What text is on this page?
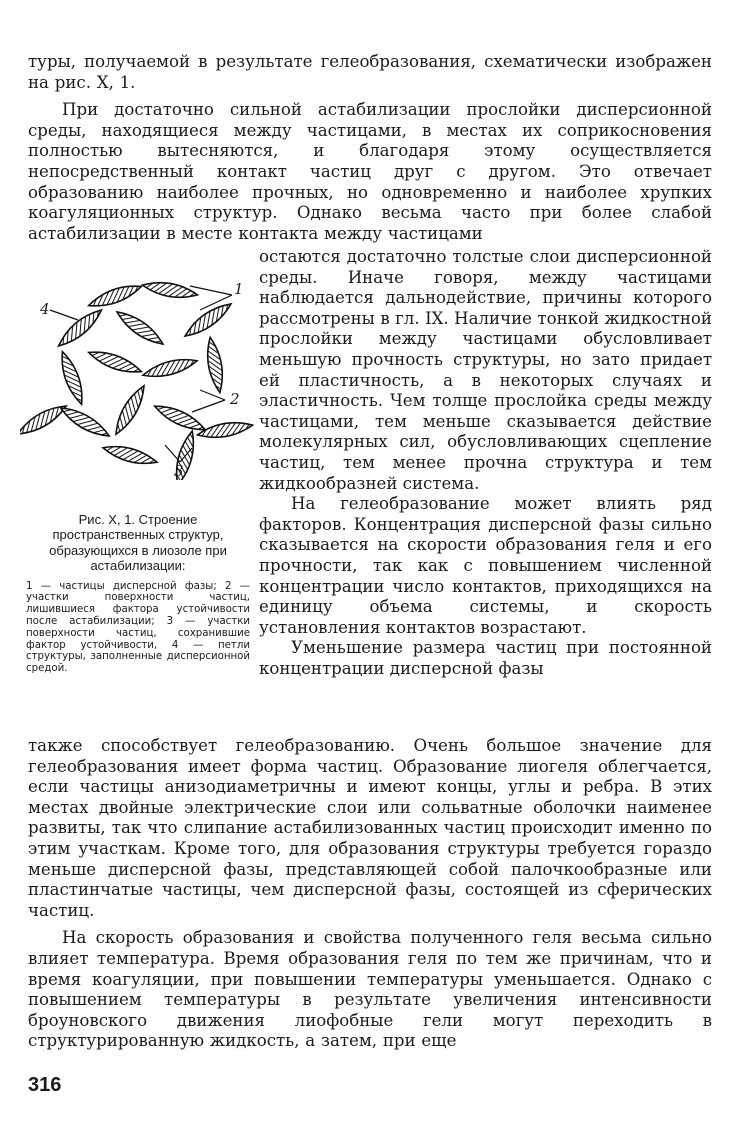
туры, получаемой в результате гелеобразования, схематически изображен на рис. X, 1.

При достаточно сильной астабилизации прослойки дисперсионной среды, находящиеся между частицами, в местах их соприкосновения полностью вытесняются, и благодаря этому осуществляется непосредственный контакт частиц друг с другом. Это отвечает образованию наиболее прочных, но одновременно и наиболее хрупких коагуляционных структур. Однако весьма часто при более слабой астабилизации в месте контакта между частицами

4
1
2
3
Рис. X, 1. Строение пространственных структур, образующихся в лиозоле при астабилизации:
1 — частицы дисперсной фазы; 2 — участки поверхности частиц, лишившиеся фактора устойчивости после астабилизации; 3 — участки поверхности частиц, сохранившие фактор устойчивости, 4 — петли структуры, заполненные дисперсионной средой.

остаются достаточно толстые слои дисперсионной среды. Иначе говоря, между частицами наблюдается дальнодействие, причины которого рассмотрены в гл. IX. Наличие тонкой жидкостной прослойки между частицами обусловливает меньшую прочность структуры, но зато придает ей пластичность, а в некоторых случаях и эластичность. Чем толще прослойка среды между частицами, тем меньше сказывается действие молекулярных сил, обусловливающих сцепление частиц, тем менее прочна структура и тем жидкообразней система.

На гелеобразование может влиять ряд факторов. Концентрация дисперсной фазы сильно сказывается на скорости образования геля и его прочности, так как с повышением численной концентрации число контактов, приходящихся на единицу объема системы, и скорость установления контактов возрастают.

Уменьшение размера частиц при постоянной концентрации дисперсной фазы

также способствует гелеобразованию. Очень большое значение для гелеобразования имеет форма частиц. Образование лиогеля облегчается, если частицы анизодиаметричны и имеют концы, углы и ребра. В этих местах двойные электрические слои или сольватные оболочки наименее развиты, так что слипание астабилизованных частиц происходит именно по этим участкам. Кроме того, для образования структуры требуется гораздо меньше дисперсной фазы, представляющей собой палочкообразные или пластинчатые частицы, чем дисперсной фазы, состоящей из сферических частиц.

На скорость образования и свойства полученного геля весьма сильно влияет температура. Время образования геля по тем же причинам, что и время коагуляции, при повышении температуры уменьшается. Однако с повышением температуры в результате увеличения интенсивности броуновского движения лиофобные гели могут переходить в структурированную жидкость, а затем, при еще

316
